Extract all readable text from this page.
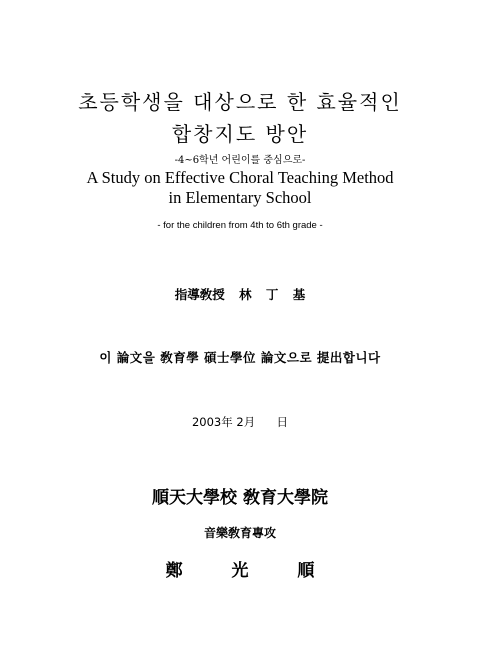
초등학생을 대상으로 한 효율적인
합창지도 방안
-4~6학년 어린이를 중심으로-
A Study on Effective Choral Teaching Method
in Elementary School
- for the children from 4th to 6th grade -
指導敎授 林 丁 基
이 論文을 敎育學 碩士學位 論文으로 提出합니다
2003年 2月 日
順天大學校 敎育大學院
音樂敎育專攻
鄭	光	順
